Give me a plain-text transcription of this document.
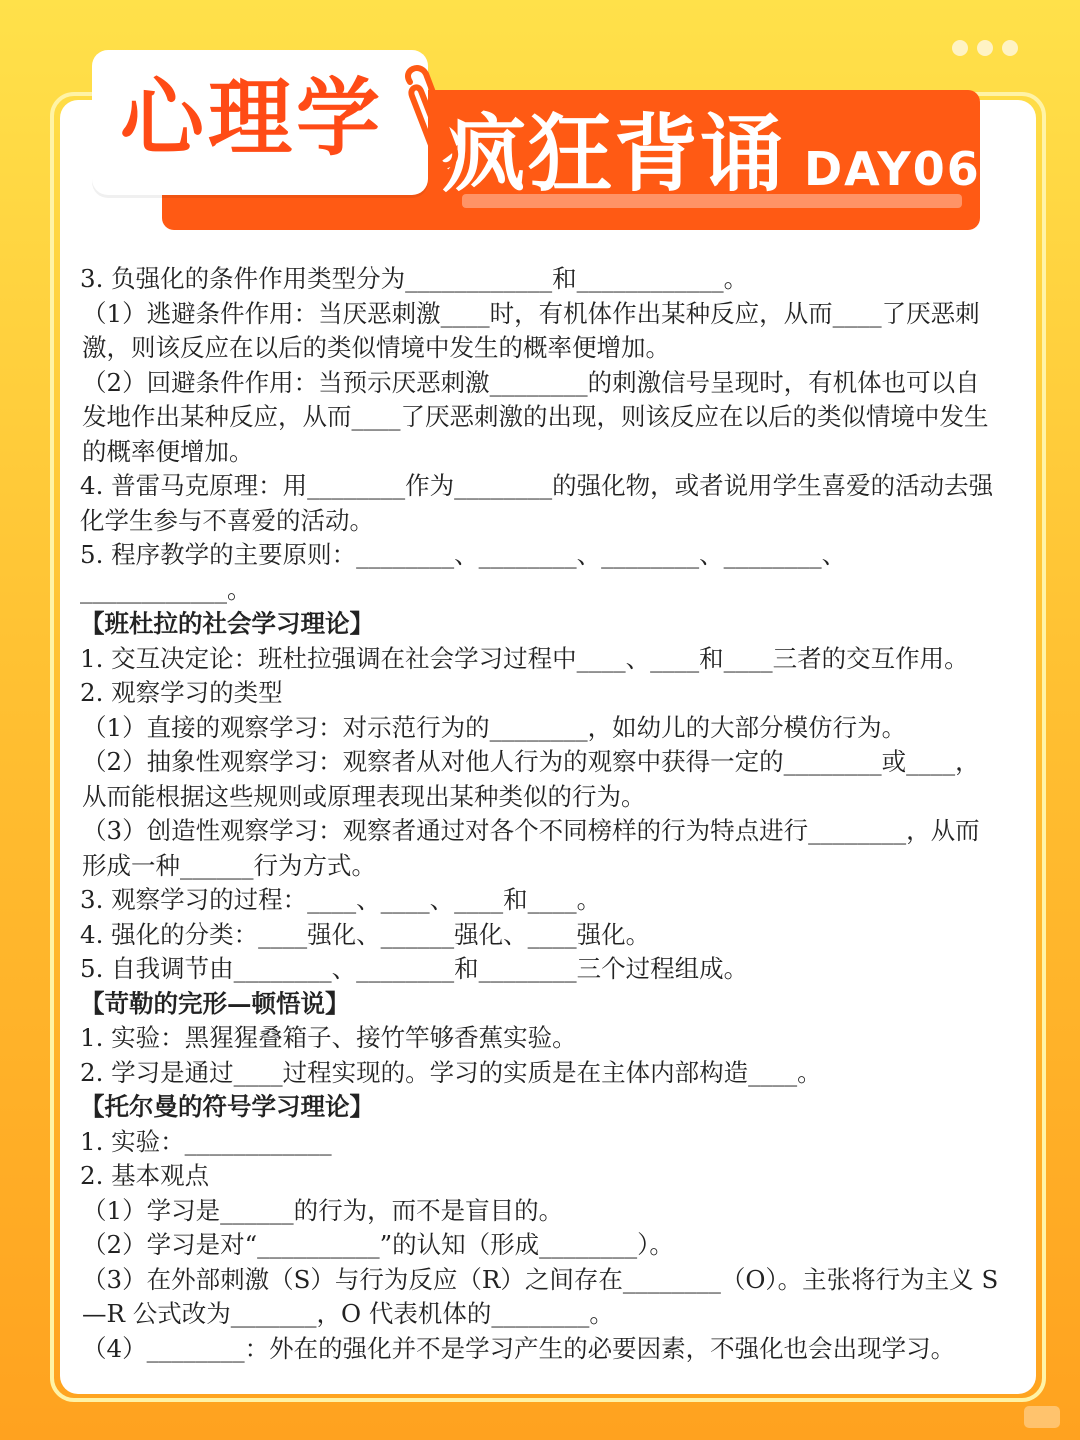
心理学 疯狂背诵 DAY06

3. 负强化的条件作用类型分为____________和____________。

（1）逃避条件作用：当厌恶刺激____时，有机体作出某种反应，从而____了厌恶刺激，则该反应在以后的类似情境中发生的概率便增加。

（2）回避条件作用：当预示厌恶刺激________的刺激信号呈现时，有机体也可以自发地作出某种反应，从而____了厌恶刺激的出现，则该反应在以后的类似情境中发生的概率便增加。

4. 普雷马克原理：用________作为________的强化物，或者说用学生喜爱的活动去强化学生参与不喜爱的活动。

5. 程序教学的主要原则：________、________、________、________、____________。

【班杜拉的社会学习理论】

1. 交互决定论：班杜拉强调在社会学习过程中____、____和____三者的交互作用。

2. 观察学习的类型

（1）直接的观察学习：对示范行为的________，如幼儿的大部分模仿行为。

（2）抽象性观察学习：观察者从对他人行为的观察中获得一定的________或____，从而能根据这些规则或原理表现出某种类似的行为。

（3）创造性观察学习：观察者通过对各个不同榜样的行为特点进行________，从而形成一种______行为方式。

3. 观察学习的过程：____、____、____和____。

4. 强化的分类：____强化、______强化、____强化。

5. 自我调节由________、________和________三个过程组成。

【苛勒的完形—顿悟说】

1. 实验：黑猩猩叠箱子、接竹竿够香蕉实验。

2. 学习是通过____过程实现的。学习的实质是在主体内部构造____。

【托尔曼的符号学习理论】

1. 实验：____________

2. 基本观点

（1）学习是______的行为，而不是盲目的。

（2）学习是对“__________”的认知（形成________）。

（3）在外部刺激（S）与行为反应（R）之间存在________（O）。主张将行为主义 S—R 公式改为_______，O 代表机体的________。

（4）________：外在的强化并不是学习产生的必要因素，不强化也会出现学习。
